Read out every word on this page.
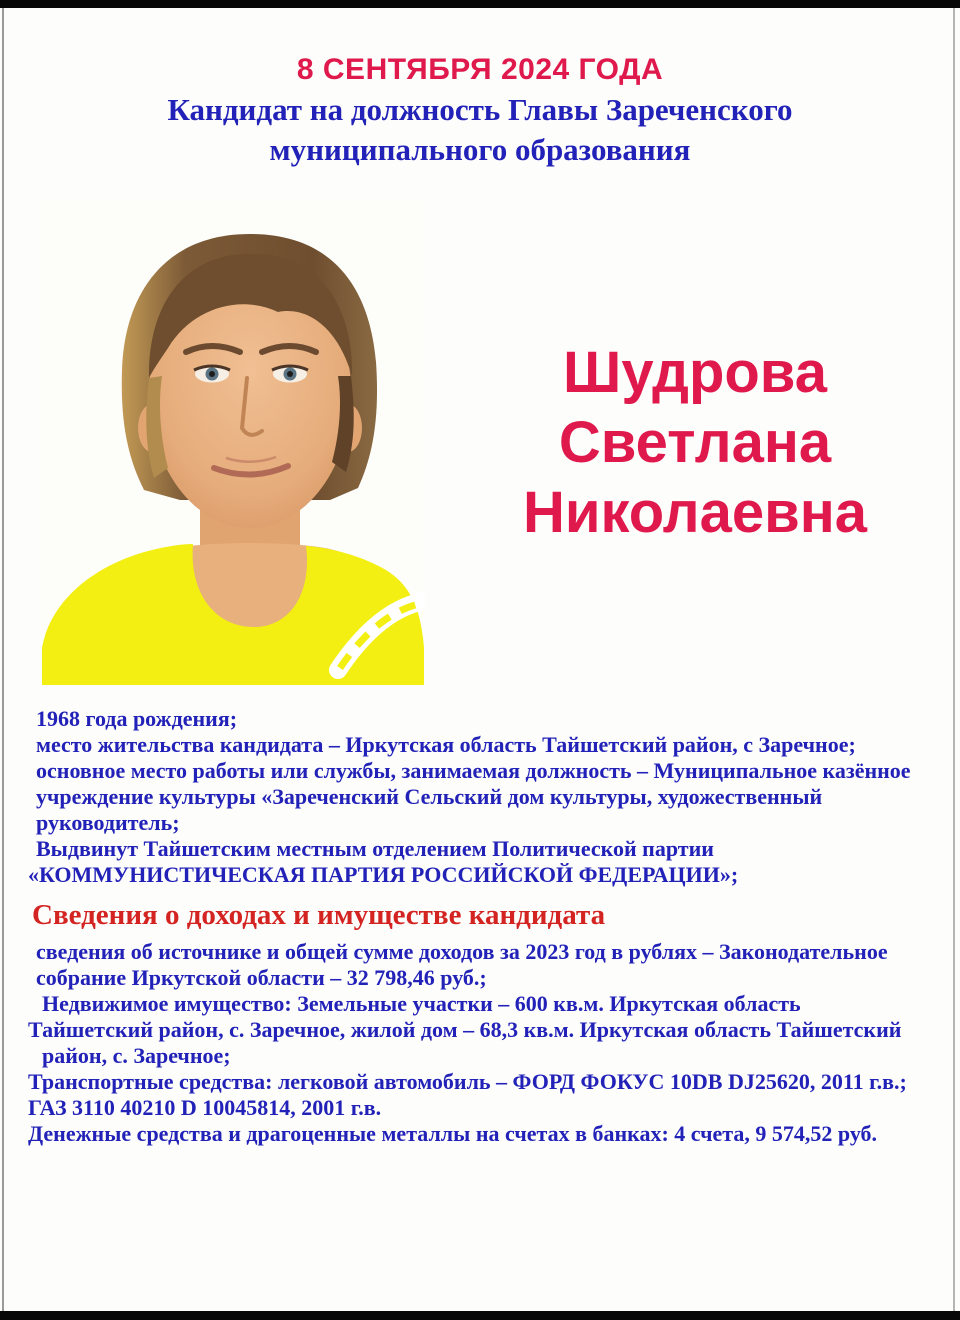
8 СЕНТЯБРЯ 2024 ГОДА
Кандидат на должность Главы Зареченского
муниципального образования
Шудрова
Светлана
Николаевна
1968 года рождения;
место жительства кандидата – Иркутская область Тайшетский район, с Заречное;
основное место работы или службы, занимаемая должность – Муниципальное казённое
учреждение культуры «Зареченский Сельский дом культуры, художественный
руководитель;
Выдвинут Тайшетским местным отделением Политической партии
«КОММУНИСТИЧЕСКАЯ ПАРТИЯ РОССИЙСКОЙ ФЕДЕРАЦИИ»;
Сведения о доходах и имуществе кандидата
сведения об источнике и общей сумме доходов за 2023 год в рублях – Законодательное
собрание Иркутской области – 32 798,46 руб.;
Недвижимое имущество: Земельные участки – 600 кв.м. Иркутская область
Тайшетский район, с. Заречное, жилой дом – 68,3 кв.м. Иркутская область Тайшетский
район, с. Заречное;
Транспортные средства: легковой автомобиль – ФОРД ФОКУС 10DB DJ25620, 2011 г.в.;
ГАЗ 3110 40210 D 10045814, 2001 г.в.
Денежные средства и драгоценные металлы на счетах в банках: 4 счета, 9 574,52 руб.
